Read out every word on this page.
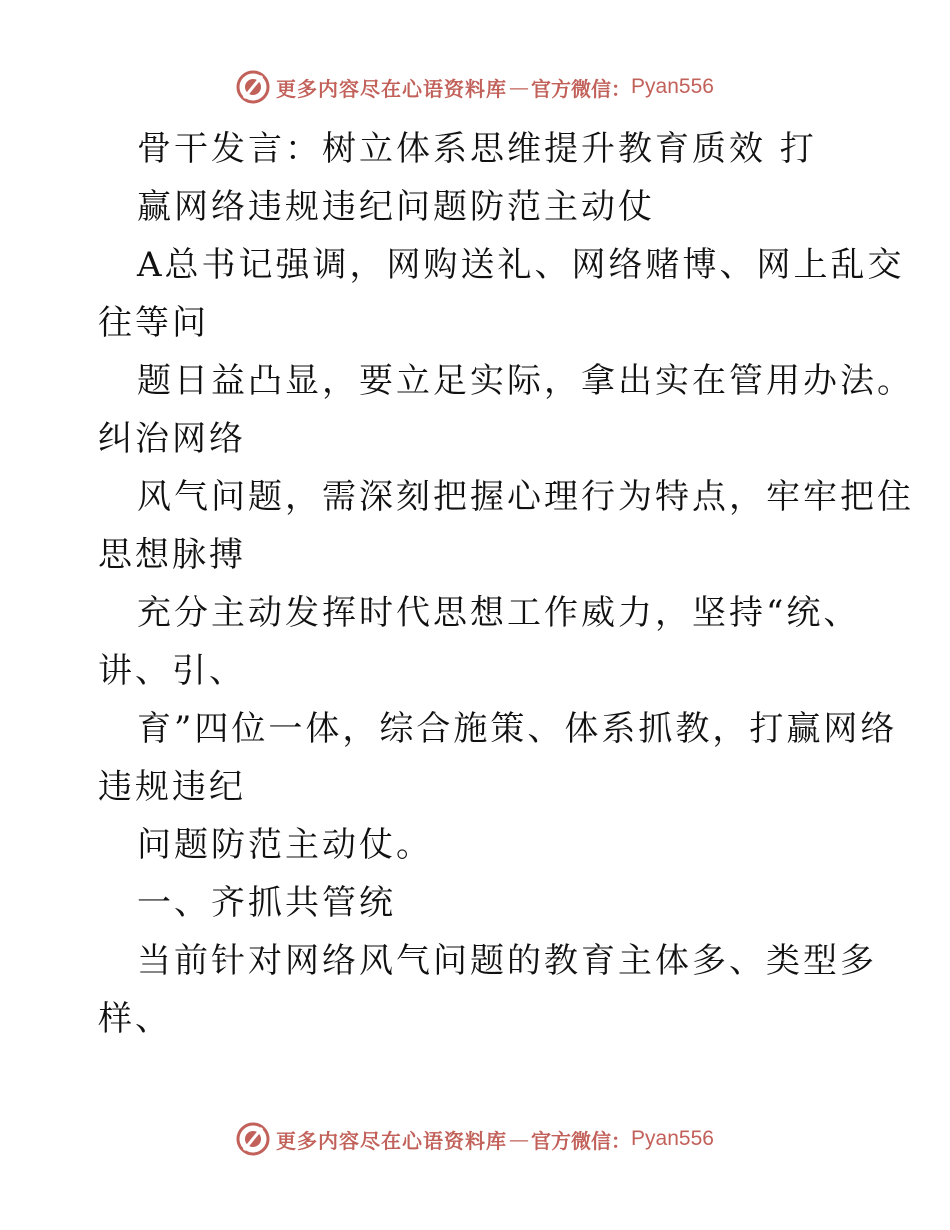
更多内容尽在心语资料库 — 官方微信： Pyan556
骨干发言：树立体系思维提升教育质效 打
赢网络违规违纪问题防范主动仗
A总书记强调，网购送礼、网络赌博、网上乱交
往等问
题日益凸显，要立足实际，拿出实在管用办法。
纠治网络
风气问题，需深刻把握心理行为特点，牢牢把住
思想脉搏
充分主动发挥时代思想工作威力，坚持“统、
讲、引、
育”四位一体，综合施策、体系抓教，打赢网络
违规违纪
问题防范主动仗。
一、齐抓共管统
当前针对网络风气问题的教育主体多、类型多
样、
更多内容尽在心语资料库 — 官方微信： Pyan556
